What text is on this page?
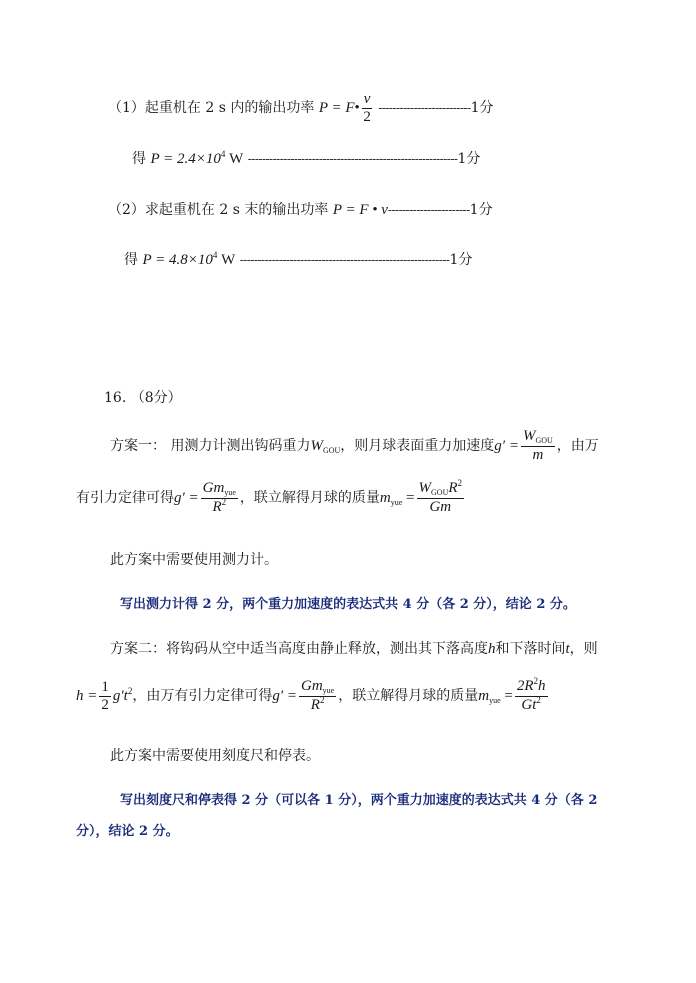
（1）起重机在 2 s 内的输出功率 P = F• $\frac{v}{2} --------------------------1$分
得 $P = 2.4\times 10^4$ W -----------------------------------------------------------1分
（2）求起重机在 2 s 末的输出功率 P = F • v-----------------------1分
得 $P = 4.8\times 10^4$ W -----------------------------------------------------------1分
16. （8分）
方案一： 用测力计测出钩码重力$W_{GOU}$，则月球表面重力加速度$g' = \frac{W_{GOU}}{m}$ ，由万
有引力定律可得$g' = \frac{Gm_{yue}}{R^2}$ ，联立解得月球的质量$m_{yue} = \frac{W_{GOU}R^2}{Gm}$
此方案中需要使用测力计。
写出测力计得 2 分，两个重力加速度的表达式共 4 分（各 2 分），结论 2 分。
方案二：将钩码从空中适当高度由静止释放，测出其下落高度h和下落时间t，则
$h = \frac{1}{2} g't^2$，由万有引力定律可得$g' = \frac{Gm_{yue}}{R^2}$ ，联立解得月球的质量$m_{yue} = \frac{2R^2h}{Gt^2}$
此方案中需要使用刻度尺和停表。
写出刻度尺和停表得 2 分（可以各 1 分），两个重力加速度的表达式共 4 分（各 2
分），结论 2 分。
